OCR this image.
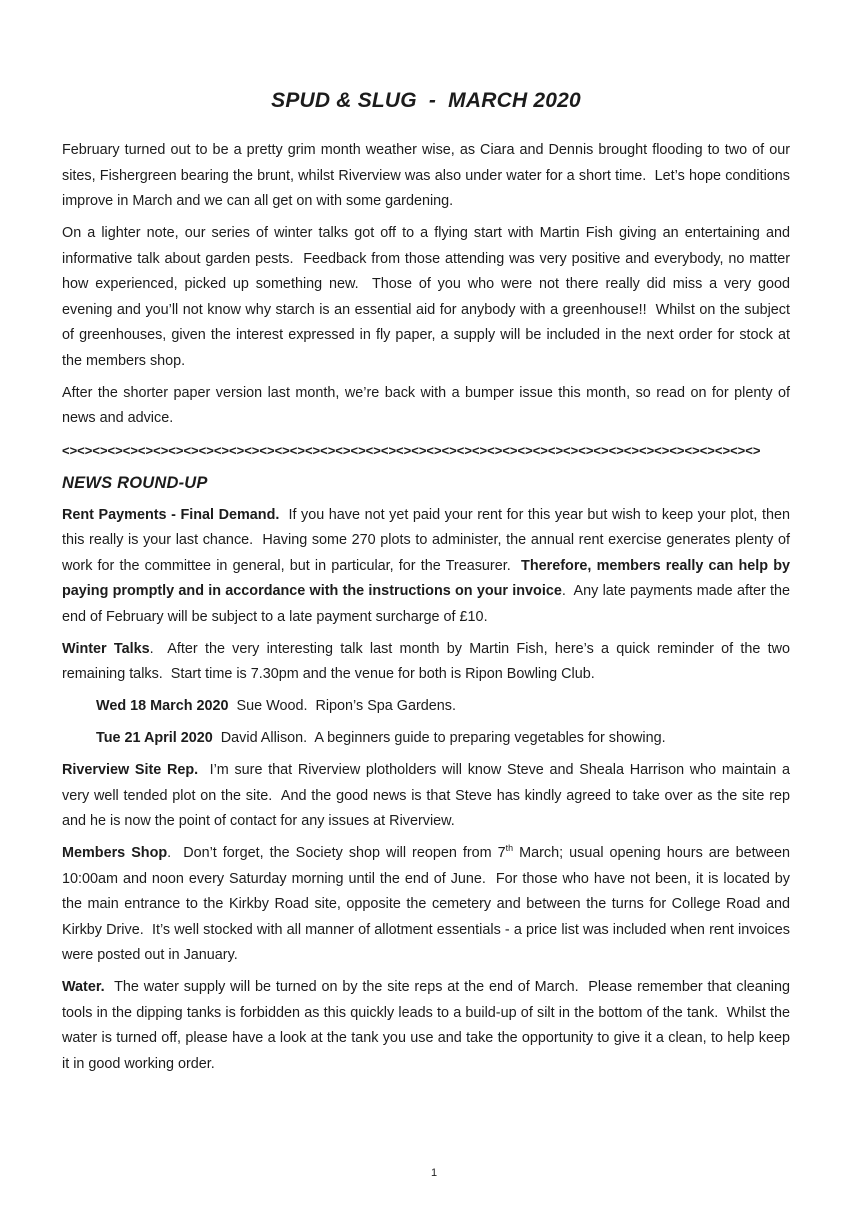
SPUD & SLUG  -  MARCH 2020

February turned out to be a pretty grim month weather wise, as Ciara and Dennis brought flooding to two of our sites, Fishergreen bearing the brunt, whilst Riverview was also under water for a short time.  Let’s hope conditions improve in March and we can all get on with some gardening.

On a lighter note, our series of winter talks got off to a flying start with Martin Fish giving an entertaining and informative talk about garden pests.  Feedback from those attending was very positive and everybody, no matter how experienced, picked up something new.  Those of you who were not there really did miss a very good evening and you’ll not know why starch is an essential aid for anybody with a greenhouse!!  Whilst on the subject of greenhouses, given the interest expressed in fly paper, a supply will be included in the next order for stock at the members shop.

After the shorter paper version last month, we’re back with a bumper issue this month, so read on for plenty of news and advice.

<><><><><><><><><><><><><><><><><><><><><><><><><><><><><><><><><><><><><><><><><><><><><><>
NEWS ROUND-UP

Rent Payments - Final Demand.  If you have not yet paid your rent for this year but wish to keep your plot, then this really is your last chance.  Having some 270 plots to administer, the annual rent exercise generates plenty of work for the committee in general, but in particular, for the Treasurer.  Therefore, members really can help by paying promptly and in accordance with the instructions on your invoice.  Any late payments made after the end of February will be subject to a late payment surcharge of £10.

Winter Talks.  After the very interesting talk last month by Martin Fish, here’s a quick reminder of the two remaining talks.  Start time is 7.30pm and the venue for both is Ripon Bowling Club.

Wed 18 March 2020  Sue Wood.  Ripon’s Spa Gardens.

Tue 21 April 2020  David Allison.  A beginners guide to preparing vegetables for showing.

Riverview Site Rep.  I’m sure that Riverview plotholders will know Steve and Sheala Harrison who maintain a very well tended plot on the site.  And the good news is that Steve has kindly agreed to take over as the site rep and he is now the point of contact for any issues at Riverview.

Members Shop.  Don’t forget, the Society shop will reopen from 7th March; usual opening hours are between 10:00am and noon every Saturday morning until the end of June.  For those who have not been, it is located by the main entrance to the Kirkby Road site, opposite the cemetery and between the turns for College Road and Kirkby Drive.  It’s well stocked with all manner of allotment essentials - a price list was included when rent invoices were posted out in January.

Water.  The water supply will be turned on by the site reps at the end of March.  Please remember that cleaning tools in the dipping tanks is forbidden as this quickly leads to a build-up of silt in the bottom of the tank.  Whilst the water is turned off, please have a look at the tank you use and take the opportunity to give it a clean, to help keep it in good working order.

1
